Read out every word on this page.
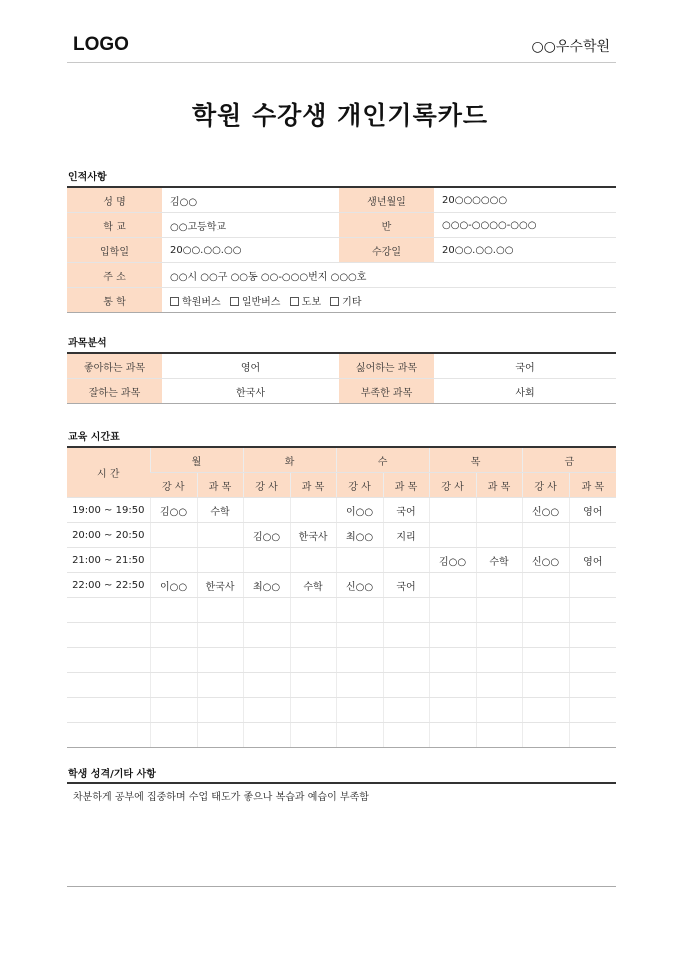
LOGO	○○우수학원
학원 수강생 개인기록카드
인적사항
성 명	김○○	생년월일	20○○○○○○
학 교	○○고등학교	반	○○○-○○○○-○○○
입학일	20○○.○○.○○	수강일	20○○.○○.○○
주 소	○○시 ○○구 ○○동 ○○-○○○번지 ○○○호		
통 학	학원버스 일반버스 도보 기타		
과목분석
좋아하는 과목	영어	싫어하는 과목	국어
잘하는 과목	한국사	부족한 과목	사회
교육 시간표
시 간	월		화		수		목		금	
	강 사	과 목	강 사	과 목	강 사	과 목	강 사	과 목	강 사	과 목
19:00 ~ 19:50	김○○	수학			이○○	국어			신○○	영어
20:00 ~ 20:50			김○○	한국사	최○○	지리				
21:00 ~ 21:50							김○○	수학	신○○	영어
22:00 ~ 22:50	이○○	한국사	최○○	수학	신○○	국어				

학생 성격/기타 사항
차분하게 공부에 집중하며 수업 태도가 좋으나 복습과 예습이 부족함
